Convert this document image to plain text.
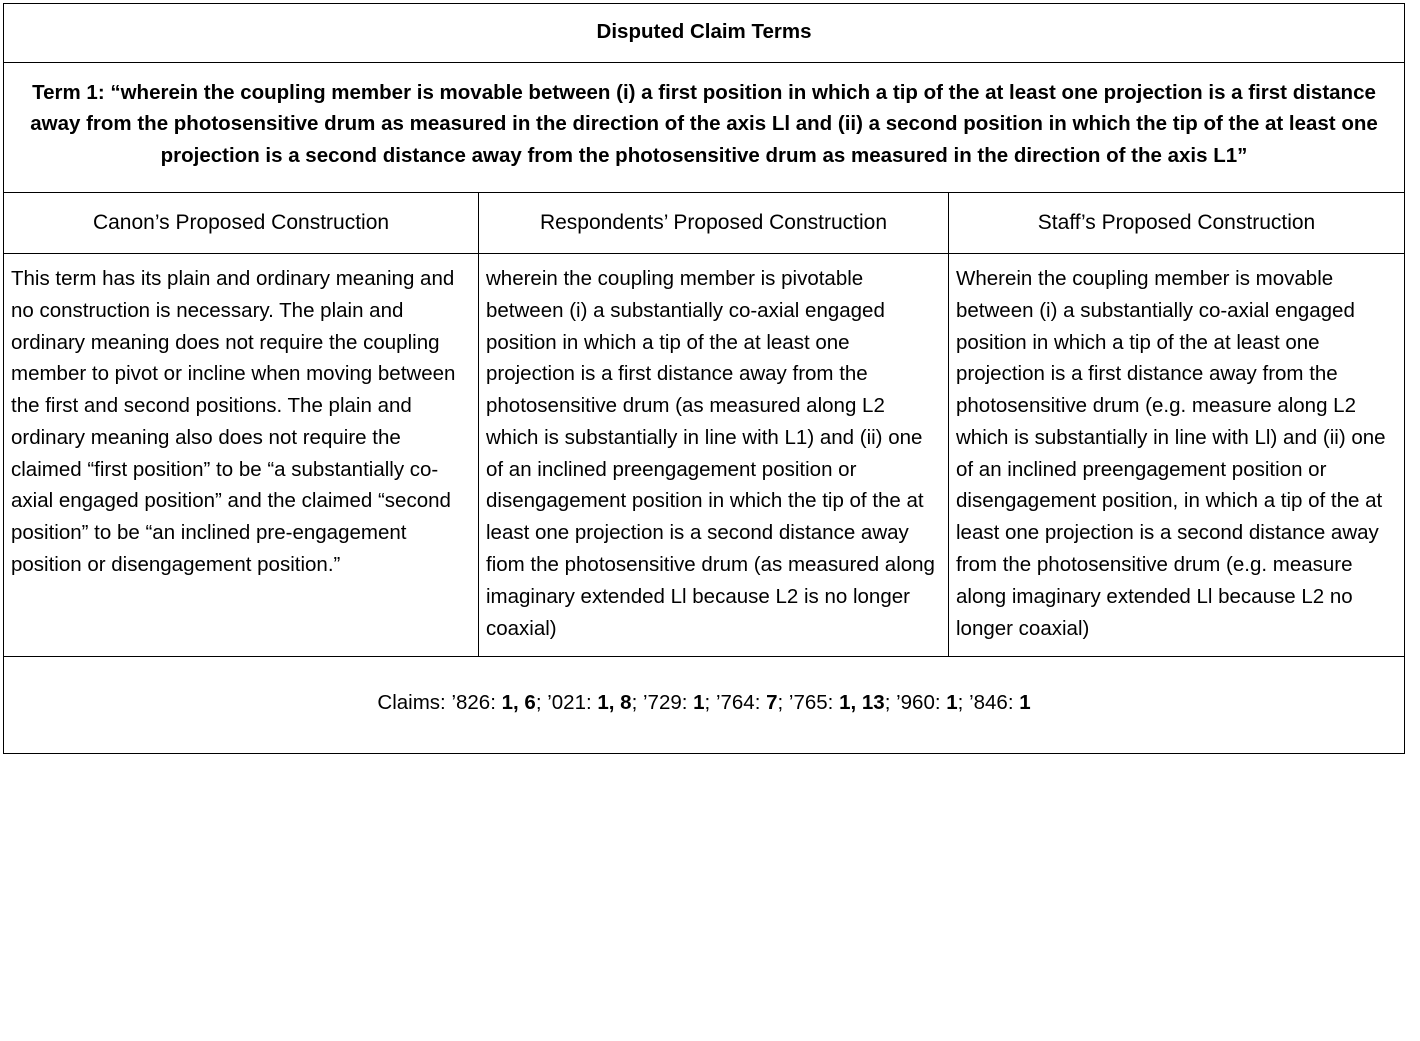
Disputed Claim Terms		
Term 1: “wherein the coupling member is movable between (i) a first position in which a tip of the at least one projection is a first distance away from the photosensitive drum as measured in the direction of the axis Ll and (ii) a second position in which the tip of the at least one projection is a second distance away from the photosensitive drum as measured in the direction of the axis L1”		
Canon’s Proposed Construction	Respondents’ Proposed Construction	Staff’s Proposed Construction
This term has its plain and ordinary meaning and no construction is necessary. The plain and ordinary meaning does not require the coupling member to pivot or incline when moving between the first and second positions. The plain and ordinary meaning also does not require the claimed “first position” to be “a substantially co-axial engaged position” and the claimed “second position” to be “an inclined pre-engagement position or disengagement position.”	wherein the coupling member is pivotable between (i) a substantially co-axial engaged position in which a tip of the at least one projection is a first distance away from the photosensitive drum (as measured along L2 which is substantially in line with L1) and (ii) one of an inclined preengagement position or disengagement position in which the tip of the at least one projection is a second distance away fiom the photosensitive drum (as measured along imaginary extended Ll because L2 is no longer coaxial)	Wherein the coupling member is movable between (i) a substantially co-axial engaged position in which a tip of the at least one projection is a first distance away from the photosensitive drum (e.g. measure along L2 which is substantially in line with Ll) and (ii) one of an inclined preengagement position or disengagement position, in which a tip of the at least one projection is a second distance away from the photosensitive drum (e.g. measure along imaginary extended Ll because L2 no longer coaxial)
Claims: ’826: 1, 6; ’021: 1, 8; ’729: 1; ’764: 7; ’765: 1, 13; ’960: 1; ’846: 1		
